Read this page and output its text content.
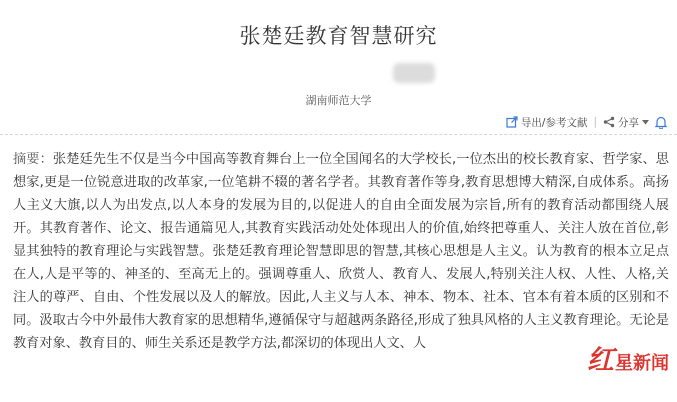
张楚廷教育智慧研究
湖南师范大学
导出/参考文献 | 分享
摘要：张楚廷先生不仅是当今中国高等教育舞台上一位全国闻名的大学校长,一位杰出的校长教育家、哲学家、思想家,更是一位锐意进取的改革家,一位笔耕不辍的著名学者。其教育著作等身,教育思想博大精深,自成体系。高扬人主义大旗,以人为出发点,以人本身的发展为目的,以促进人的自由全面发展为宗旨,所有的教育活动都围绕人展开。其教育著作、论文、报告通篇见人,其教育实践活动处处体现出人的价值,始终把尊重人、关注人放在首位,彰显其独特的教育理论与实践智慧。张楚廷教育理论智慧即思的智慧,其核心思想是人主义。认为教育的根本立足点在人,人是平等的、神圣的、至高无上的。强调尊重人、欣赏人、教育人、发展人,特别关注人权、人性、人格,关注人的尊严、自由、个性发展以及人的解放。因此,人主义与人本、神本、物本、社本、官本有着本质的区别和不同。汲取古今中外最伟大教育家的思想精华,遵循保守与超越两条路径,形成了独具风格的人主义教育理论。无论是教育对象、教育目的、师生关系还是教学方法,都深切的体现出人文、人
红 星新闻
